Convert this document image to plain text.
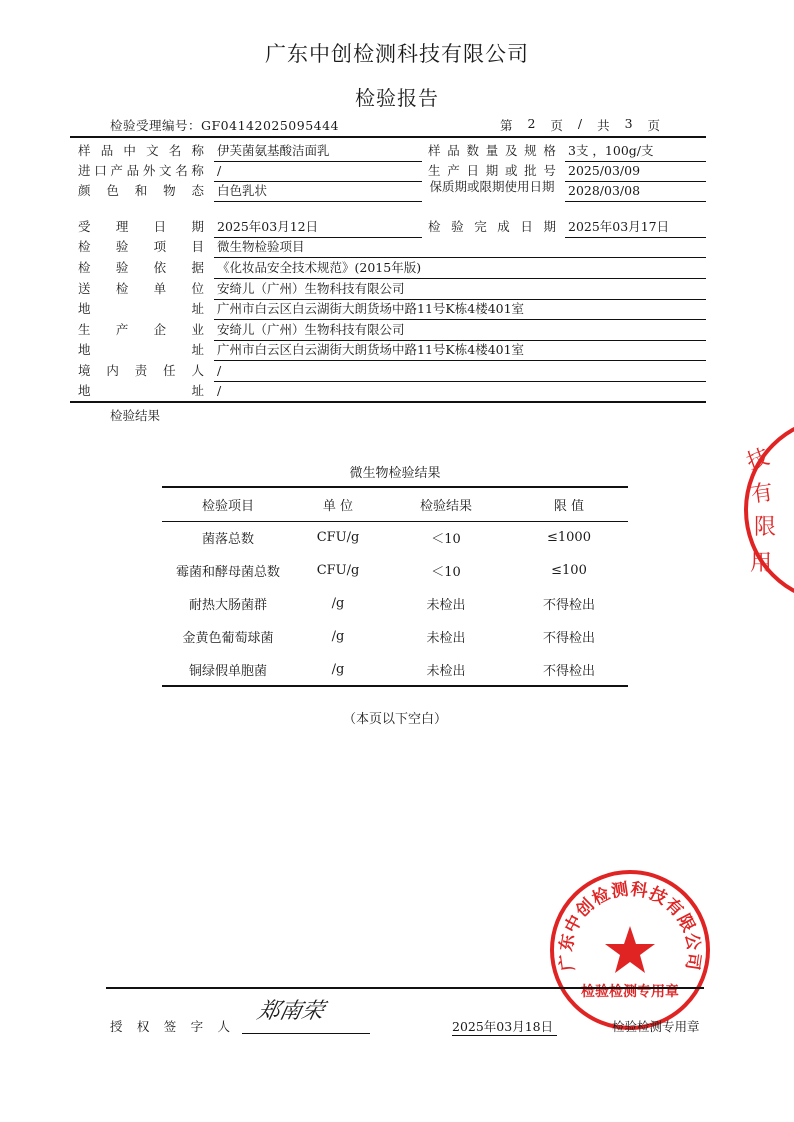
广东中创检测科技有限公司
检验报告
检验受理编号：GF04142025095444	第 2 页 / 共 3 页
样 品 中 文 名 称 伊芙菌氨基酸洁面乳	样 品 数 量 及 规 格 3支 ，100g/支
进 口 产 品 外 文 名 称 /	生 产 日 期 或 批 号 2025/03/09
颜 色 和 物 态 白色乳状	保质期或限期使用日期 2028/03/08
受 理 日 期 2025年03月12日	检 验 完 成 日 期 2025年03月17日
检 验 项 目 微生物检验项目
检 验 依 据 《化妆品安全技术规范》(2015年版)
送 检 单 位 安绮儿（广州）生物科技有限公司
地	址 广州市白云区白云湖街大朗货场中路11号K栋4楼401室
生 产 企 业 安绮儿（广州）生物科技有限公司
地	址 广州市白云区白云湖街大朗货场中路11号K栋4楼401室
境 内 责 任 人 /
地	址 /
检验结果
微生物检验结果
检验项目	单 位	检验结果	限 值
菌落总数	CFU/g	＜10	≤1000
霉菌和酵母菌总数	CFU/g	＜10	≤100
耐热大肠菌群	/g	未检出	不得检出
金黄色葡萄球菌	/g	未检出	不得检出
铜绿假单胞菌	/g	未检出	不得检出
（本页以下空白）
技
有
限
用
广东中创检测科技有限公司
检验检测专用章
授 权 签 字 人
郑南荣
2025年03月18日	检验检测专用章
